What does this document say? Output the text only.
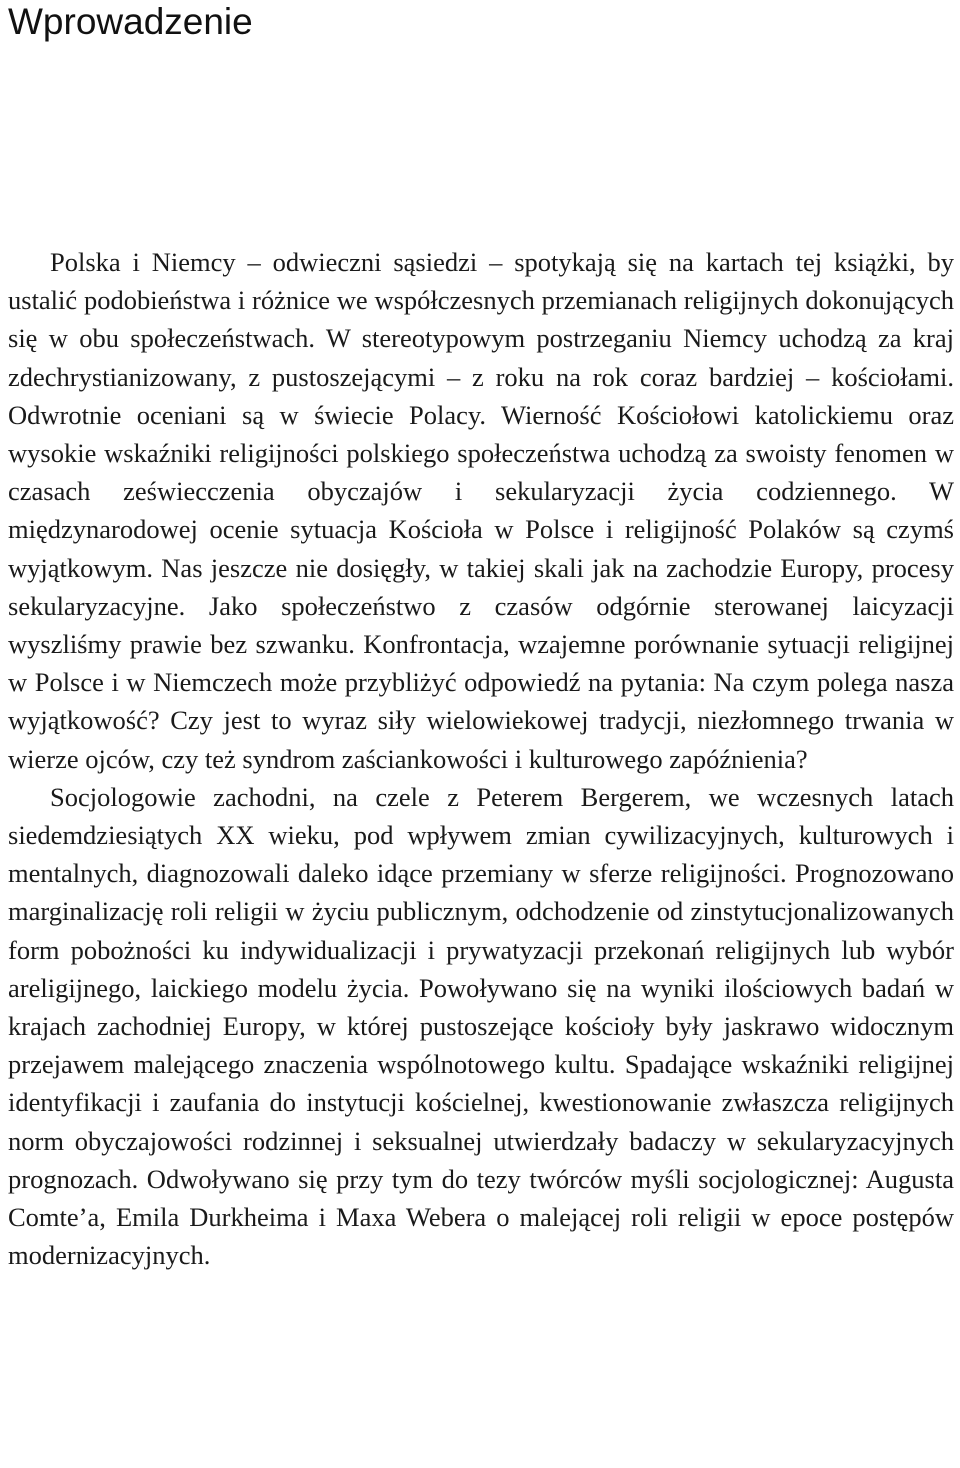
Wprowadzenie

Polska i Niemcy – odwieczni sąsiedzi – spotykają się na kartach tej książki, by ustalić podobieństwa i różnice we współczesnych przemianach religijnych dokonujących się w obu społeczeństwach. W stereotypowym postrzeganiu Niemcy uchodzą za kraj zdechrystianizowany, z pustoszejącymi – z roku na rok coraz bardziej – kościołami. Odwrotnie oceniani są w świecie Polacy. Wierność Kościołowi katolickiemu oraz wysokie wskaźniki religijności polskiego społeczeństwa uchodzą za swoisty fenomen w czasach zeświecczenia obyczajów i sekularyzacji życia codziennego. W międzynarodowej ocenie sytuacja Kościoła w Polsce i religijność Polaków są czymś wyjątkowym. Nas jeszcze nie dosięgły, w takiej skali jak na zachodzie Europy, procesy sekularyzacyjne. Jako społeczeństwo z czasów odgórnie sterowanej laicyzacji wyszliśmy prawie bez szwanku. Konfrontacja, wzajemne porównanie sytuacji religijnej w Polsce i w Niemczech może przybliżyć odpowiedź na pytania: Na czym polega nasza wyjątkowość? Czy jest to wyraz siły wielowiekowej tradycji, niezłomnego trwania w wierze ojców, czy też syndrom zaściankowości i kulturowego zapóźnienia?

Socjologowie zachodni, na czele z Peterem Bergerem, we wczesnych latach siedemdziesiątych XX wieku, pod wpływem zmian cywilizacyjnych, kulturowych i mentalnych, diagnozowali daleko idące przemiany w sferze religijności. Prognozowano marginalizację roli religii w życiu publicznym, odchodzenie od zinstytucjonalizowanych form pobożności ku indywidualizacji i prywatyzacji przekonań religijnych lub wybór areligijnego, laickiego modelu życia. Powoływano się na wyniki ilościowych badań w krajach zachodniej Europy, w której pustoszejące kościoły były jaskrawo widocznym przejawem malejącego znaczenia wspólnotowego kultu. Spadające wskaźniki religijnej identyfikacji i zaufania do instytucji kościelnej, kwestionowanie zwłaszcza religijnych norm obyczajowości rodzinnej i seksualnej utwierdzały badaczy w sekularyzacyjnych prognozach. Odwoływano się przy tym do tezy twórców myśli socjologicznej: Augusta Comte’a, Emila Durkheima i Maxa Webera o malejącej roli religii w epoce postępów modernizacyjnych.
